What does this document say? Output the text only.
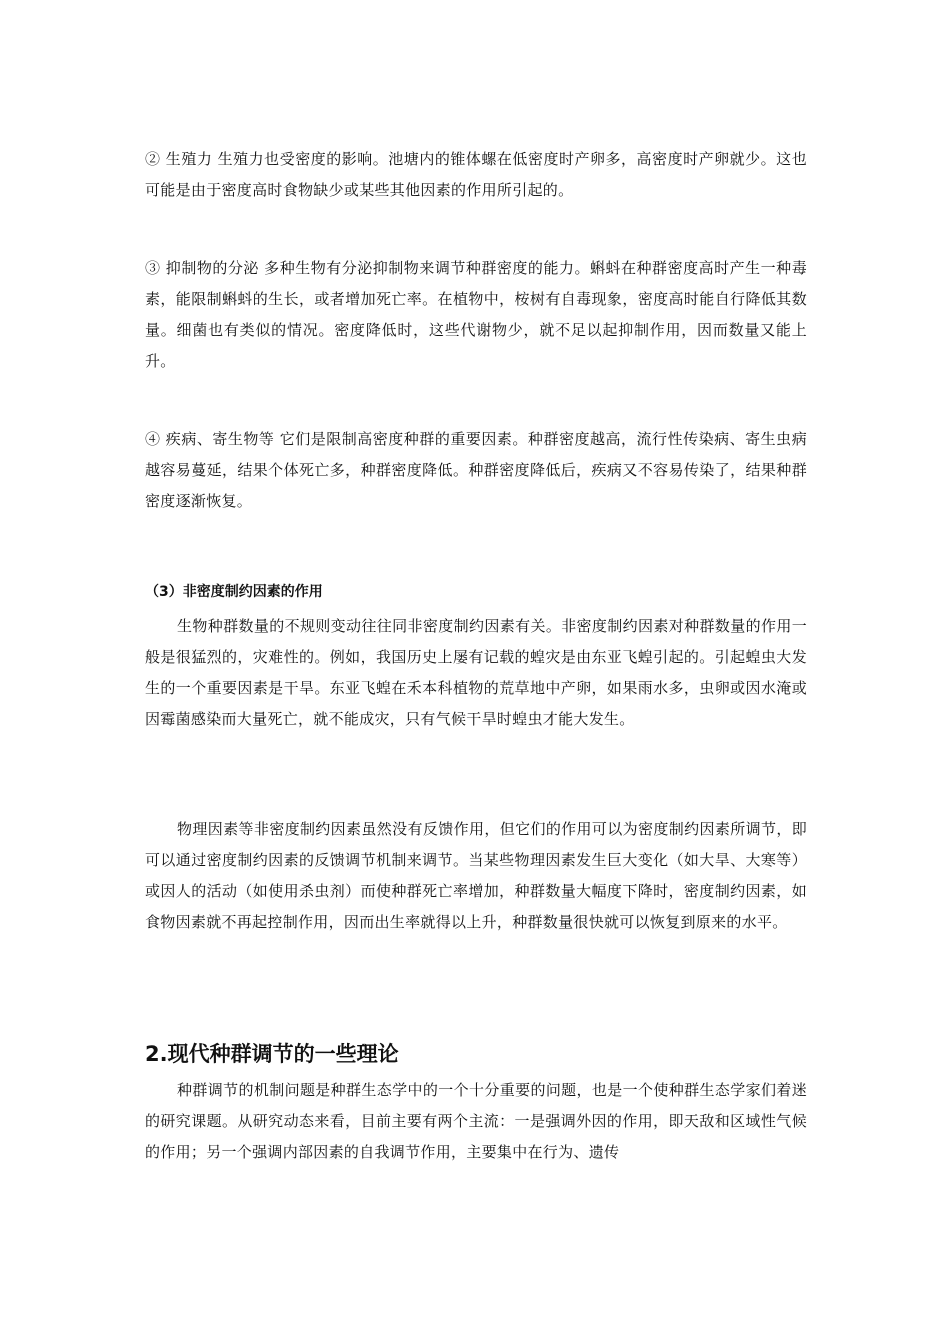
② 生殖力 生殖力也受密度的影响。池塘内的锥体螺在低密度时产卵多，高密度时产卵就少。这也可能是由于密度高时食物缺少或某些其他因素的作用所引起的。

③ 抑制物的分泌 多种生物有分泌抑制物来调节种群密度的能力。蝌蚪在种群密度高时产生一种毒素，能限制蝌蚪的生长，或者增加死亡率。在植物中，桉树有自毒现象，密度高时能自行降低其数量。细菌也有类似的情况。密度降低时，这些代谢物少，就不足以起抑制作用，因而数量又能上升。

④ 疾病、寄生物等 它们是限制高密度种群的重要因素。种群密度越高，流行性传染病、寄生虫病越容易蔓延，结果个体死亡多，种群密度降低。种群密度降低后，疾病又不容易传染了，结果种群密度逐渐恢复。

（3）非密度制约因素的作用

生物种群数量的不规则变动往往同非密度制约因素有关。非密度制约因素对种群数量的作用一般是很猛烈的，灾难性的。例如，我国历史上屡有记载的蝗灾是由东亚飞蝗引起的。引起蝗虫大发生的一个重要因素是干旱。东亚飞蝗在禾本科植物的荒草地中产卵，如果雨水多，虫卵或因水淹或因霉菌感染而大量死亡，就不能成灾，只有气候干旱时蝗虫才能大发生。

物理因素等非密度制约因素虽然没有反馈作用，但它们的作用可以为密度制约因素所调节，即可以通过密度制约因素的反馈调节机制来调节。当某些物理因素发生巨大变化（如大旱、大寒等）或因人的活动（如使用杀虫剂）而使种群死亡率增加，种群数量大幅度下降时，密度制约因素，如食物因素就不再起控制作用，因而出生率就得以上升，种群数量很快就可以恢复到原来的水平。

2.现代种群调节的一些理论

种群调节的机制问题是种群生态学中的一个十分重要的问题，也是一个使种群生态学家们着迷的研究课题。从研究动态来看，目前主要有两个主流：一是强调外因的作用，即天敌和区域性气候的作用；另一个强调内部因素的自我调节作用，主要集中在行为、遗传
